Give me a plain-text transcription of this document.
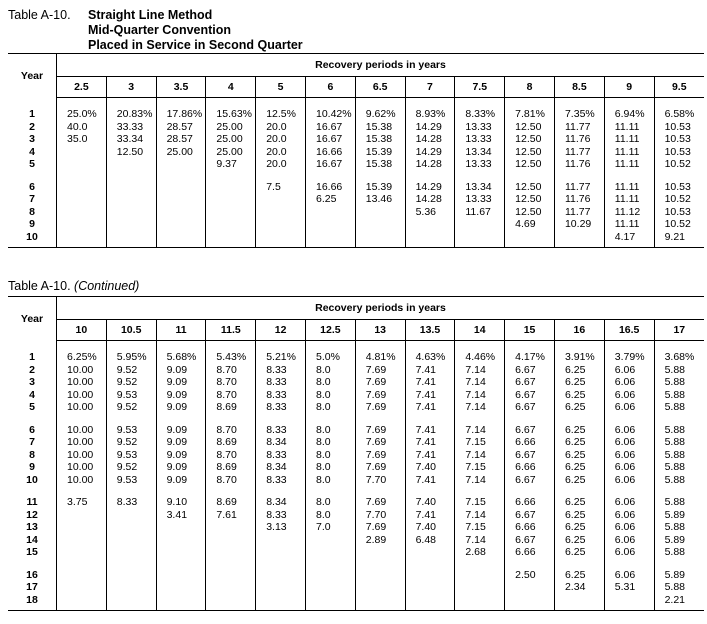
Table A-10. Straight Line Method
Mid-Quarter Convention
Placed in Service in Second Quarter
Year	Recovery periods in years												
	2.5	3	3.5	4	5	6	6.5	7	7.5	8	8.5	9	9.5

1	25.0%	20.83%	17.86%	15.63%	12.5%	10.42%	9.62%	8.93%	8.33%	7.81%	7.35%	6.94%	6.58%
2	40.0	33.33	28.57	25.00	20.0	16.67	15.38	14.29	13.33	12.50	11.77	11.11	10.53
3	35.0	33.34	28.57	25.00	20.0	16.67	15.38	14.28	13.33	12.50	11.76	11.11	10.53
4		12.50	25.00	25.00	20.0	16.66	15.39	14.29	13.34	12.50	11.77	11.11	10.53
5				9.37	20.0	16.67	15.38	14.28	13.33	12.50	11.76	11.11	10.52

6					7.5	16.66	15.39	14.29	13.34	12.50	11.77	11.11	10.53
7						6.25	13.46	14.28	13.33	12.50	11.76	11.11	10.52
8								5.36	11.67	12.50	11.77	11.12	10.53
9										4.69	10.29	11.11	10.52
10												4.17	9.21

Table A-10. (Continued)
Year	Recovery periods in years												
	10	10.5	11	11.5	12	12.5	13	13.5	14	15	16	16.5	17

1	6.25%	5.95%	5.68%	5.43%	5.21%	5.0%	4.81%	4.63%	4.46%	4.17%	3.91%	3.79%	3.68%
2	10.00	9.52	9.09	8.70	8.33	8.0	7.69	7.41	7.14	6.67	6.25	6.06	5.88
3	10.00	9.52	9.09	8.70	8.33	8.0	7.69	7.41	7.14	6.67	6.25	6.06	5.88
4	10.00	9.53	9.09	8.70	8.33	8.0	7.69	7.41	7.14	6.67	6.25	6.06	5.88
5	10.00	9.52	9.09	8.69	8.33	8.0	7.69	7.41	7.14	6.67	6.25	6.06	5.88

6	10.00	9.53	9.09	8.70	8.33	8.0	7.69	7.41	7.14	6.67	6.25	6.06	5.88
7	10.00	9.52	9.09	8.69	8.34	8.0	7.69	7.41	7.15	6.66	6.25	6.06	5.88
8	10.00	9.53	9.09	8.70	8.33	8.0	7.69	7.41	7.14	6.67	6.25	6.06	5.88
9	10.00	9.52	9.09	8.69	8.34	8.0	7.69	7.40	7.15	6.66	6.25	6.06	5.88
10	10.00	9.53	9.09	8.70	8.33	8.0	7.70	7.41	7.14	6.67	6.25	6.06	5.88

11	3.75	8.33	9.10	8.69	8.34	8.0	7.69	7.40	7.15	6.66	6.25	6.06	5.88
12			3.41	7.61	8.33	8.0	7.70	7.41	7.14	6.67	6.25	6.06	5.89
13					3.13	7.0	7.69	7.40	7.15	6.66	6.25	6.06	5.88
14							2.89	6.48	7.14	6.67	6.25	6.06	5.89
15									2.68	6.66	6.25	6.06	5.88

16										2.50	6.25	6.06	5.89
17											2.34	5.31	5.88
18													2.21
